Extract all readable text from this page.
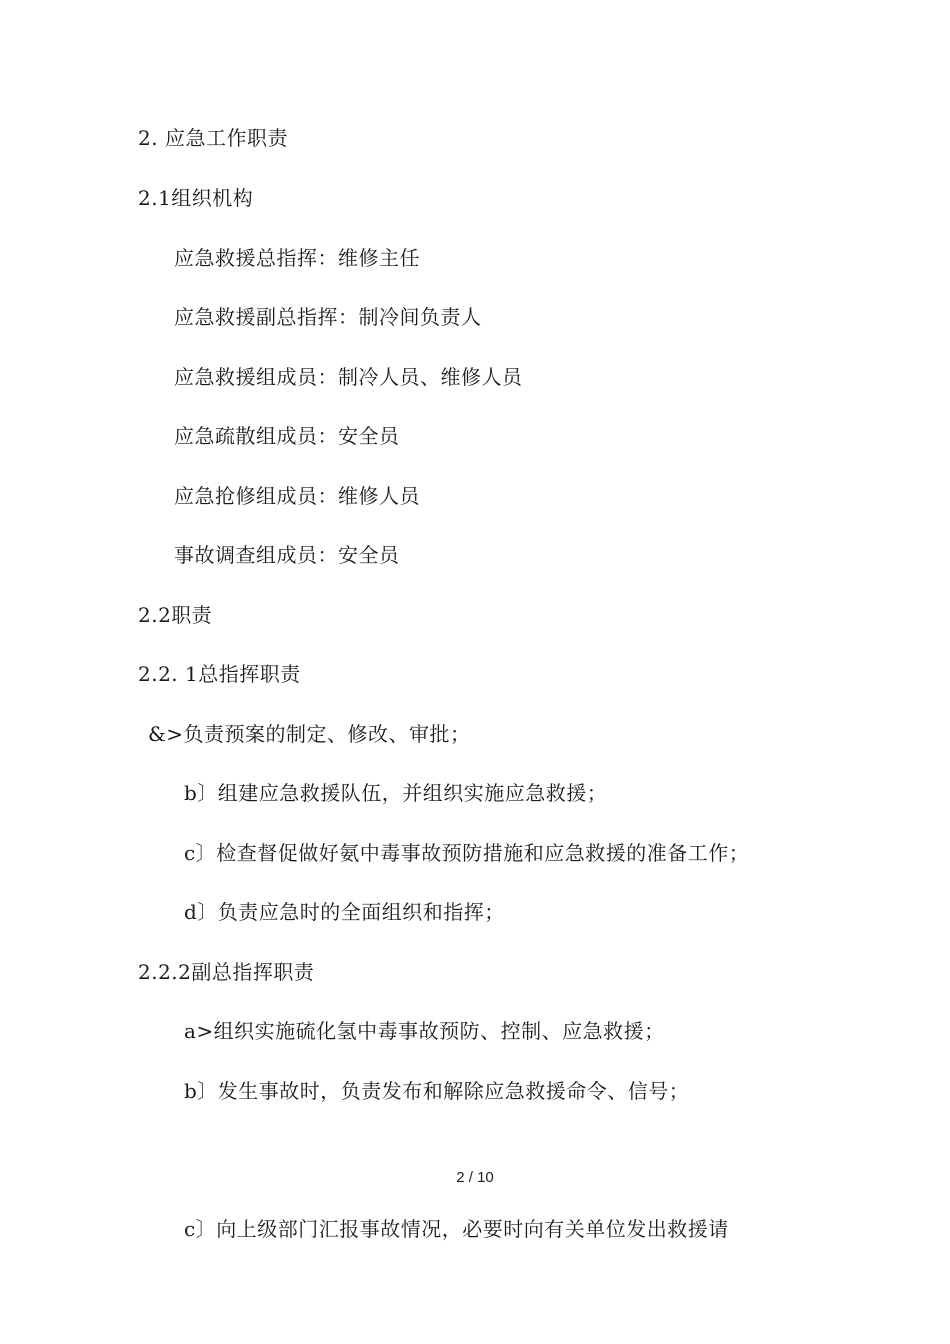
2. 应急工作职责
2.1组织机构
应急救援总指挥：维修主任
应急救援副总指挥：制冷间负责人
应急救援组成员：制冷人员、维修人员
应急疏散组成员：安全员
应急抢修组成员：维修人员
事故调查组成员：安全员
2.2职责
2.2. 1总指挥职责
&>负责预案的制定、修改、审批；
b〕组建应急救援队伍，并组织实施应急救援；
c〕检查督促做好氨中毒事故预防措施和应急救援的准备工作；
d〕负责应急时的全面组织和指挥；
2.2.2副总指挥职责
a>组织实施硫化氢中毒事故预防、控制、应急救援；
b〕发生事故时，负责发布和解除应急救援命令、信号；
2 / 10
c〕向上级部门汇报事故情况，必要时向有关单位发出救援请
